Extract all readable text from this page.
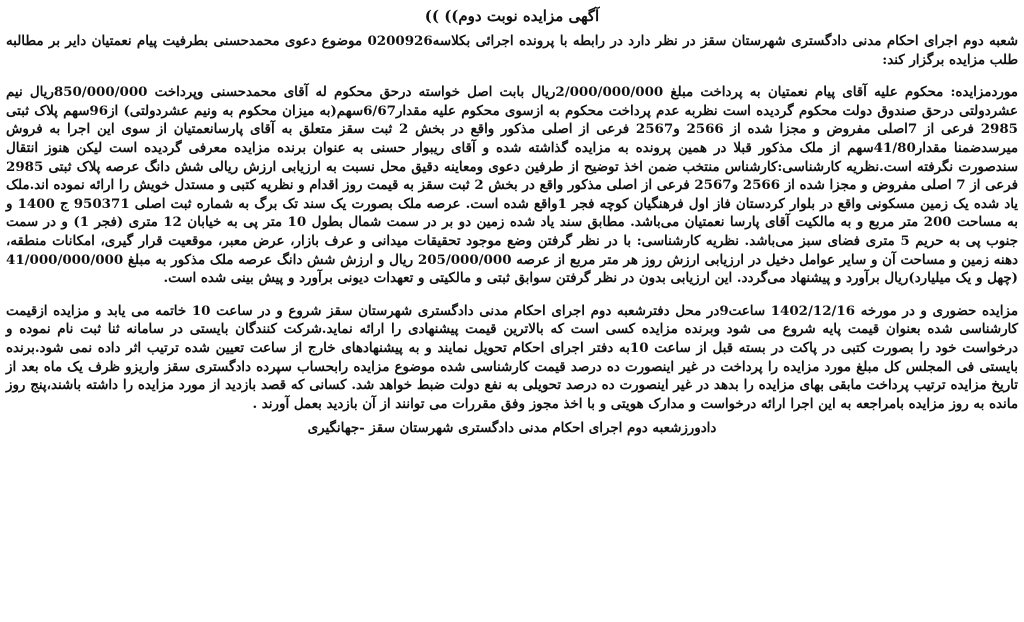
آگهی مزایده نوبت دوم)) ))

شعبه دوم اجرای احکام مدنی دادگستری شهرستان سقز در نظر دارد در رابطه با پرونده اجرائی بکلاسه0200926 موضوع دعوی محمدحسنی بطرفیت پیام نعمتیان دایر بر مطالبه طلب مزایده برگزار کند:

موردمزایده: محکوم علیه آقای پیام نعمتیان به پرداخت مبلغ 2/000/000/000ریال بابت اصل خواسته درحق محکوم له آقای محمدحسنی وپرداخت 850/000/000ریال نیم عشردولتی درحق صندوق دولت محکوم گردیده است نظربه عدم پرداخت محکوم به ازسوی محکوم علیه مقدار6/67سهم(به میزان محکوم به ونیم عشردولتی) از96سهم پلاک ثبتی 2985 فرعی از 7اصلی مفروض و مجزا شده از 2566 و2567 فرعی از اصلی مذکور واقع در بخش 2 ثبت سقز متعلق به آقای پارسانعمتیان از سوی این اجرا به فروش میرسدضمنا مقدار41/80سهم از ملک مذکور قبلا در همین پرونده به مزایده گذاشته شده و آقای ریبوار حسنی به عنوان برنده مزایده معرفی گردیده است لیکن هنوز انتقال سندصورت نگرفته است.نظریه کارشناسی:کارشناس منتخب ضمن اخذ توضیح از طرفین دعوی ومعاینه دقیق محل نسبت به ارزیابی ارزش ریالی شش دانگ عرصه پلاک ثبتی 2985 فرعی از 7 اصلی مفروض و مجزا شده از 2566 و2567 فرعی از اصلی مذکور واقع در بخش 2 ثبت سقز به قیمت روز اقدام و نظریه کتبی و مستدل خویش را ارائه نموده اند.ملک یاد شده یک زمین مسکونی واقع در بلوار کردستان فاز اول فرهنگیان کوچه فجر 1واقع شده است. عرصه ملک بصورت یک سند تک برگ به شماره ثبت اصلی 950371 ج 1400 و به مساحت 200 متر مربع و به مالکیت آقای پارسا نعمتیان می‌باشد. مطابق سند یاد شده زمین دو بر در سمت شمال بطول 10 متر پی به خیابان 12 متری (فجر 1) و در سمت جنوب پی به حریم 5 متری فضای سبز می‌باشد. نظریه کارشناسی: با در نظر گرفتن وضع موجود تحقیقات میدانی و عرف بازار، عرض معبر، موقعیت قرار گیری، امکانات منطقه، دهنه زمین و مساحت آن و سایر عوامل دخیل در ارزیابی ارزش روز هر متر مربع از عرصه 205/000/000 ریال و ارزش شش دانگ عرصه ملک مذکور به مبلغ 41/000/000/000 (چهل و یک میلیارد)ریال برآورد و پیشنهاد می‌گردد. این ارزیابی بدون در نظر گرفتن سوابق ثبتی و مالکیتی و تعهدات دیونی برآورد و پیش بینی شده است.

مزایده حضوری و در مورخه 1402/12/16 ساعت9در محل دفترشعبه دوم اجرای احکام مدنی دادگستری شهرستان سقز شروع و در ساعت 10 خاتمه می یابد و مزایده ازقیمت کارشناسی شده بعنوان قیمت پایه شروع می شود وبرنده مزایده کسی است که بالاترین قیمت پیشنهادی را ارائه نماید.شرکت کنندگان بایستی در سامانه ثنا ثبت نام نموده و درخواست خود را بصورت کتبی در پاکت در بسته قبل از ساعت 10به دفتر اجرای احکام تحویل نمایند و به پیشنهادهای خارج از ساعت تعیین شده ترتیب اثر داده نمی شود.برنده بایستی فی المجلس کل مبلغ مورد مزایده را پرداخت در غیر اینصورت ده درصد قیمت کارشناسی شده موضوع مزایده رابحساب سپرده دادگستری سقز واریزو ظرف یک ماه بعد از تاریخ مزایده ترتیب پرداخت مابقی بهای مزایده را بدهد در غیر اینصورت ده درصد تحویلی به نفع دولت ضبط خواهد شد. کسانی که قصد بازدید از مورد مزایده را داشته باشند،پنج روز مانده به روز مزایده بامراجعه به این اجرا ارائه درخواست و مدارک هویتی و با اخذ مجوز وفق مقررات می توانند از آن بازدید بعمل آورند .

دادورزشعبه دوم اجرای احکام مدنی دادگستری شهرستان سقز -جهانگیری
